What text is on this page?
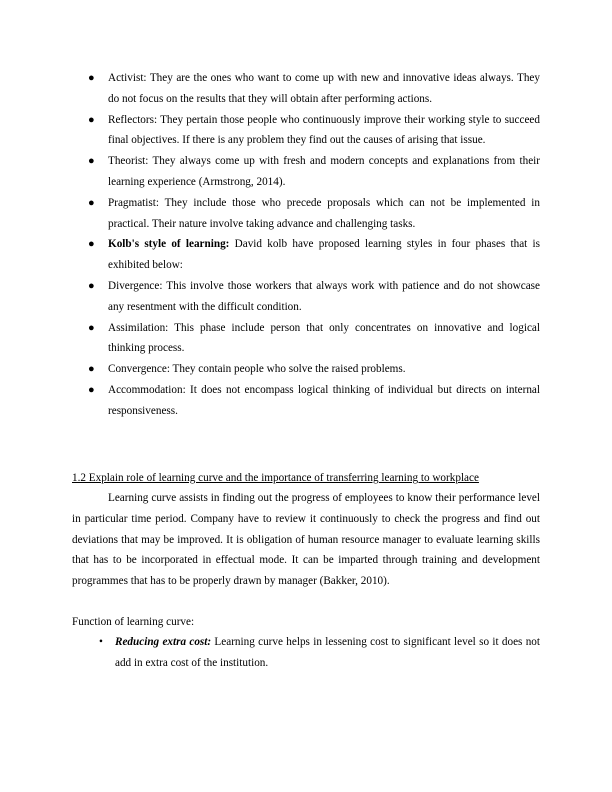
● Activist: They are the ones who want to come up with new and innovative ideas always. They do not focus on the results that they will obtain after performing actions.
● Reflectors: They pertain those people who continuously improve their working style to succeed final objectives. If there is any problem they find out the causes of arising that issue.
● Theorist: They always come up with fresh and modern concepts and explanations from their learning experience (Armstrong, 2014).
● Pragmatist: They include those who precede proposals which can not be implemented in practical. Their nature involve taking advance and challenging tasks.
● Kolb's style of learning: David kolb have proposed learning styles in four phases that is exhibited below:
● Divergence: This involve those workers that always work with patience and do not showcase any resentment with the difficult condition.
● Assimilation: This phase include person that only concentrates on innovative and logical thinking process.
● Convergence: They contain people who solve the raised problems.
● Accommodation: It does not encompass logical thinking of individual but directs on internal responsiveness.
1.2 Explain role of learning curve and the importance of transferring learning to workplace

Learning curve assists in finding out the progress of employees to know their performance level in particular time period. Company have to review it continuously to check the progress and find out deviations that may be improved. It is obligation of human resource manager to evaluate learning skills that has to be incorporated in effectual mode. It can be imparted through training and development programmes that has to be properly drawn by manager (Bakker, 2010).

Function of learning curve:
• Reducing extra cost: Learning curve helps in lessening cost to significant level so it does not add in extra cost of the institution.
